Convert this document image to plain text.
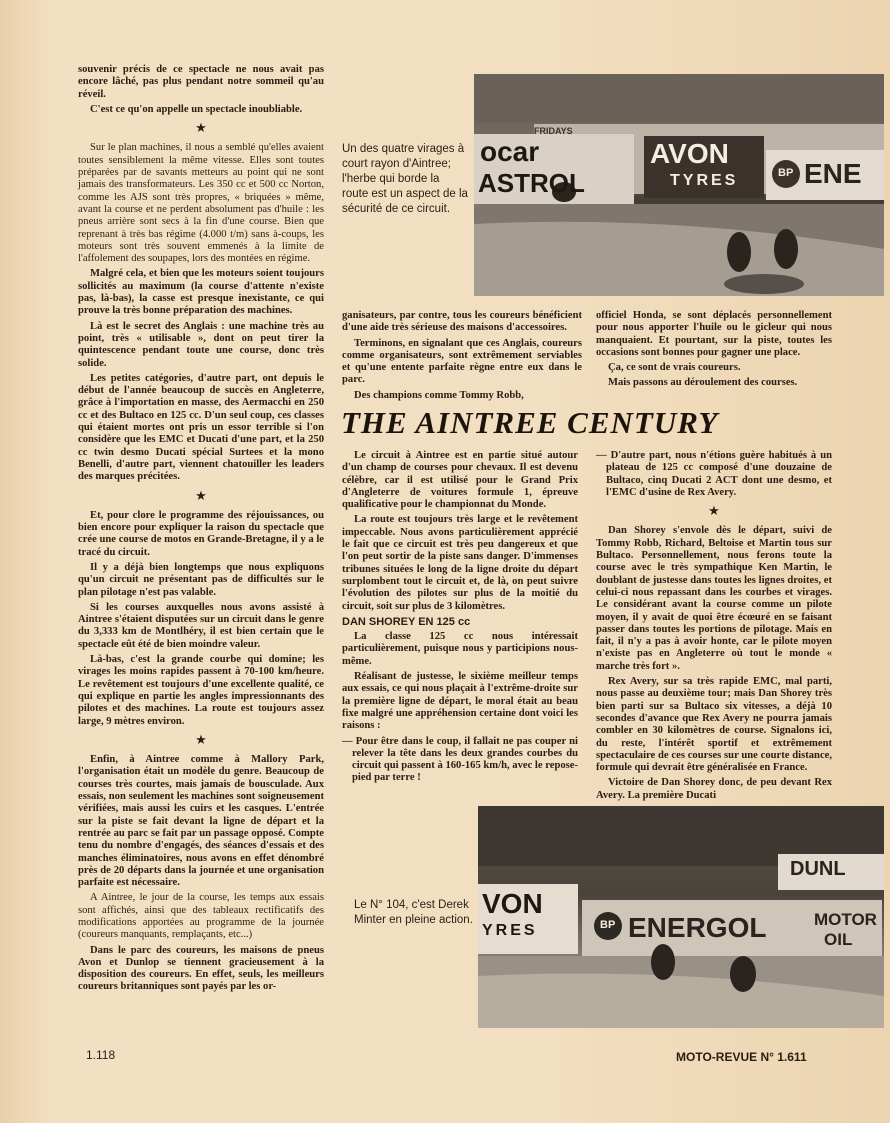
souvenir précis de ce spectacle ne nous avait pas encore lâché, pas plus pendant notre sommeil qu'au réveil.

C'est ce qu'on appelle un spectacle inoubliable.

★

Sur le plan machines, il nous a semblé qu'elles avaient toutes sensiblement la même vitesse. Elles sont toutes préparées par de savants metteurs au point qui ne sont jamais des transformateurs. Les 350 cc et 500 cc Norton, comme les AJS sont très propres, « briquées » même, avant la course et ne perdent absolument pas d'huile : les pneus arrière sont secs à la fin d'une course. Bien que reprenant à très bas régime (4.000 t/m) sans à-coups, les moteurs sont très souvent emmenés à la limite de l'affolement des soupapes, lors des montées en régime.

Malgré cela, et bien que les moteurs soient toujours sollicités au maximum (la course d'attente n'existe pas, là-bas), la casse est presque inexistante, ce qui prouve la très bonne préparation des machines.

Là est le secret des Anglais : une machine très au point, très « utilisable », dont on peut tirer la quintescence pendant toute une course, donc très solide.

Les petites catégories, d'autre part, ont depuis le début de l'année beaucoup de succès en Angleterre, grâce à l'importation en masse, des Aermacchi en 250 cc et des Bultaco en 125 cc. D'un seul coup, ces classes qui étaient mortes ont pris un essor terrible si l'on considère que les EMC et Ducati d'une part, et la 250 cc twin desmo Ducati spécial Surtees et la mono Benelli, d'autre part, viennent chatouiller les leaders des marques précitées.

★

Et, pour clore le programme des réjouissances, ou bien encore pour expliquer la raison du spectacle que crée une course de motos en Grande-Bretagne, il y a le tracé du circuit.

Il y a déjà bien longtemps que nous expliquons qu'un circuit ne présentant pas de difficultés sur le plan pilotage n'est pas valable.

Si les courses auxquelles nous avons assisté à Aintree s'étaient disputées sur un circuit dans le genre du 3,333 km de Montlhéry, il est bien certain que le spectacle eût été de bien moindre valeur.

Là-bas, c'est la grande courbe qui domine; les virages les moins rapides passent à 70-100 km/heure. Le revêtement est toujours d'une excellente qualité, ce qui explique en partie les angles impressionnants des pilotes et des machines. La route est toujours assez large, 9 mètres environ.

★

Enfin, à Aintree comme à Mallory Park, l'organisation était un modèle du genre. Beaucoup de courses très courtes, mais jamais de bousculade. Aux essais, non seulement les machines sont soigneusement vérifiées, mais aussi les cuirs et les casques. L'entrée sur la piste se fait devant la ligne de départ et la rentrée au parc se fait par un passage opposé. Compte tenu du nombre d'engagés, des séances d'essais et des manches éliminatoires, nous avons en effet dénombré près de 20 départs dans la journée et une organisation parfaite est nécessaire.

A Aintree, le jour de la course, les temps aux essais sont affichés, ainsi que des tableaux rectificatifs des modifications apportées au programme de la journée (coureurs manquants, remplaçants, etc...)

Dans le parc des coureurs, les maisons de pneus Avon et Dunlop se tiennent gracieusement à la disposition des coureurs. En effet, seuls, les meilleurs coureurs britanniques sont payés par les or-

Un des quatre virages à court rayon d'Aintree; l'herbe qui borde la route est un aspect de la sécurité de ce circuit.
FRIDAYS
ocar	AVON
TYRES
ASTROL	BP ENE

ganisateurs, par contre, tous les coureurs bénéficient d'une aide très sérieuse des maisons d'accessoires.

Terminons, en signalant que ces Anglais, coureurs comme organisateurs, sont extrêmement serviables et qu'une entente parfaite règne entre eux dans le parc.

Des champions comme Tommy Robb,

officiel Honda, se sont déplacés personnellement pour nous apporter l'huile ou le gicleur qui nous manquaient. Et pourtant, sur la piste, toutes les occasions sont bonnes pour gagner une place.

Ça, ce sont de vrais coureurs.

Mais passons au déroulement des courses.

THE AINTREE CENTURY

Le circuit à Aintree est en partie situé autour d'un champ de courses pour chevaux. Il est devenu célèbre, car il est utilisé pour le Grand Prix d'Angleterre de voitures formule 1, épreuve qualificative pour le championnat du Monde.

La route est toujours très large et le revêtement impeccable. Nous avons particulièrement apprécié le fait que ce circuit est très peu dangereux et que l'on peut sortir de la piste sans danger. D'immenses tribunes situées le long de la ligne droite du départ surplombent tout le circuit et, de là, on peut suivre l'évolution des pilotes sur plus de la moitié du circuit, soit sur plus de 3 kilomètres.

DAN SHOREY EN 125 cc

La classe 125 cc nous intéressait particulièrement, puisque nous y participions nous-même.

Réalisant de justesse, le sixième meilleur temps aux essais, ce qui nous plaçait à l'extrême-droite sur la première ligne de départ, le moral était au beau fixe malgré une appréhension certaine dont voici les raisons :

— Pour être dans le coup, il fallait ne pas couper ni relever la tête dans les deux grandes courbes du circuit qui passent à 160-165 km/h, avec le repose-pied par terre !

— D'autre part, nous n'étions guère habitués à un plateau de 125 cc composé d'une douzaine de Bultaco, cinq Ducati 2 ACT dont une desmo, et l'EMC d'usine de Rex Avery.

★

Dan Shorey s'envole dès le départ, suivi de Tommy Robb, Richard, Beltoise et Martin tous sur Bultaco. Personnellement, nous ferons toute la course avec le très sympathique Ken Martin, le doublant de justesse dans toutes les lignes droites, et celui-ci nous repassant dans les courbes et virages. Le considérant avant la course comme un pilote moyen, il y avait de quoi être écœuré en se faisant passer dans toutes les portions de pilotage. Mais en fait, il n'y a pas à avoir honte, car le pilote moyen n'existe pas en Angleterre où tout le monde « marche très fort ».

Rex Avery, sur sa très rapide EMC, mal parti, nous passe au deuxième tour; mais Dan Shorey très bien parti sur sa Bultaco six vitesses, a déjà 10 secondes d'avance que Rex Avery ne pourra jamais combler en 30 kilomètres de course. Signalons ici, du reste, l'intérêt sportif et extrêmement spectaculaire de ces courses sur une courte distance, formule qui devrait être généralisée en France.

Victoire de Dan Shorey donc, de peu devant Rex Avery. La première Ducati

Le N° 104, c'est Derek Minter en pleine action.
DUNL
VON
YRES	BP ENERGOL	MOTOR
OIL
1.118	MOTO-REVUE N° 1.611
